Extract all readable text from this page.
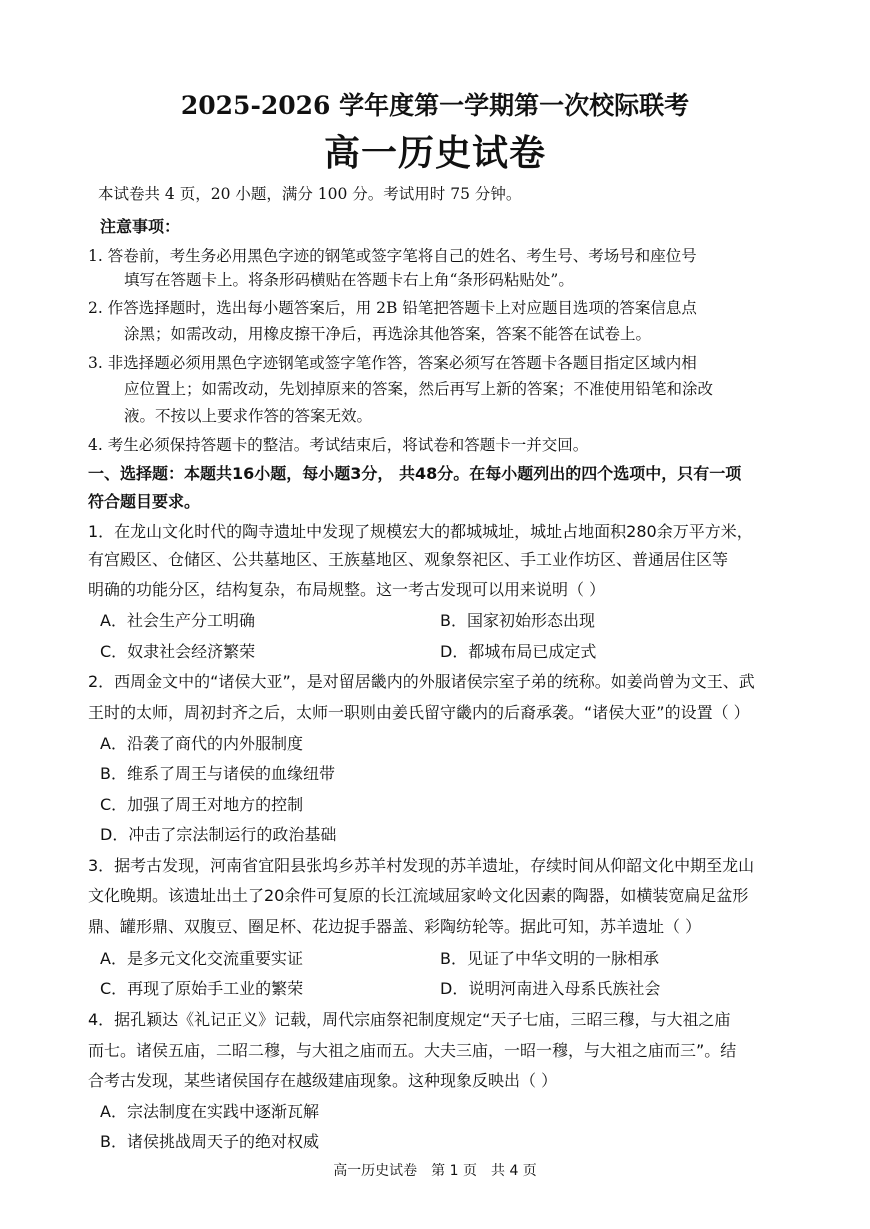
2025-2026 学年度第一学期第一次校际联考
高一历史试卷
本试卷共 4 页，20 小题，满分 100 分。考试用时 75 分钟。
注意事项：
1. 答卷前，考生务必用黑色字迹的钢笔或签字笔将自己的姓名、考生号、考场号和座位号
填写在答题卡上。将条形码横贴在答题卡右上角“条形码粘贴处”。
2. 作答选择题时，选出每小题答案后，用 2B 铅笔把答题卡上对应题目选项的答案信息点
涂黑；如需改动，用橡皮擦干净后，再选涂其他答案，答案不能答在试卷上。
3. 非选择题必须用黑色字迹钢笔或签字笔作答，答案必须写在答题卡各题目指定区域内相
应位置上；如需改动，先划掉原来的答案，然后再写上新的答案；不准使用铅笔和涂改
液。不按以上要求作答的答案无效。
4. 考生必须保持答题卡的整洁。考试结束后，将试卷和答题卡一并交回。
一、选择题：本题共16小题，每小题3分， 共48分。在每小题列出的四个选项中，只有一项
符合题目要求。
1．在龙山文化时代的陶寺遗址中发现了规模宏大的都城城址，城址占地面积280余万平方米，
有宫殿区、仓储区、公共墓地区、王族墓地区、观象祭祀区、手工业作坊区、普通居住区等
明确的功能分区，结构复杂，布局规整。这一考古发现可以用来说明（ ）
A．社会生产分工明确	B．国家初始形态出现
C．奴隶社会经济繁荣	D．都城布局已成定式
2．西周金文中的“诸侯大亚”，是对留居畿内的外服诸侯宗室子弟的统称。如姜尚曾为文王、武
王时的太师，周初封齐之后，太师一职则由姜氏留守畿内的后裔承袭。“诸侯大亚”的设置（ ）
A．沿袭了商代的内外服制度
B．维系了周王与诸侯的血缘纽带
C．加强了周王对地方的控制
D．冲击了宗法制运行的政治基础
3．据考古发现，河南省宜阳县张坞乡苏羊村发现的苏羊遗址，存续时间从仰韶文化中期至龙山
文化晚期。该遗址出土了20余件可复原的长江流域屈家岭文化因素的陶器，如横装宽扁足盆形
鼎、罐形鼎、双腹豆、圈足杯、花边捉手器盖、彩陶纺轮等。据此可知，苏羊遗址（ ）
A．是多元文化交流重要实证	B．见证了中华文明的一脉相承
C．再现了原始手工业的繁荣	D．说明河南进入母系氏族社会
4．据孔颖达《礼记正义》记载，周代宗庙祭祀制度规定“天子七庙，三昭三穆，与大祖之庙
而七。诸侯五庙，二昭二穆，与大祖之庙而五。大夫三庙，一昭一穆，与大祖之庙而三”。结
合考古发现，某些诸侯国存在越级建庙现象。这种现象反映出（ ）
A．宗法制度在实践中逐渐瓦解
B．诸侯挑战周天子的绝对权威
高一历史试卷　第 1 页　共 4 页
